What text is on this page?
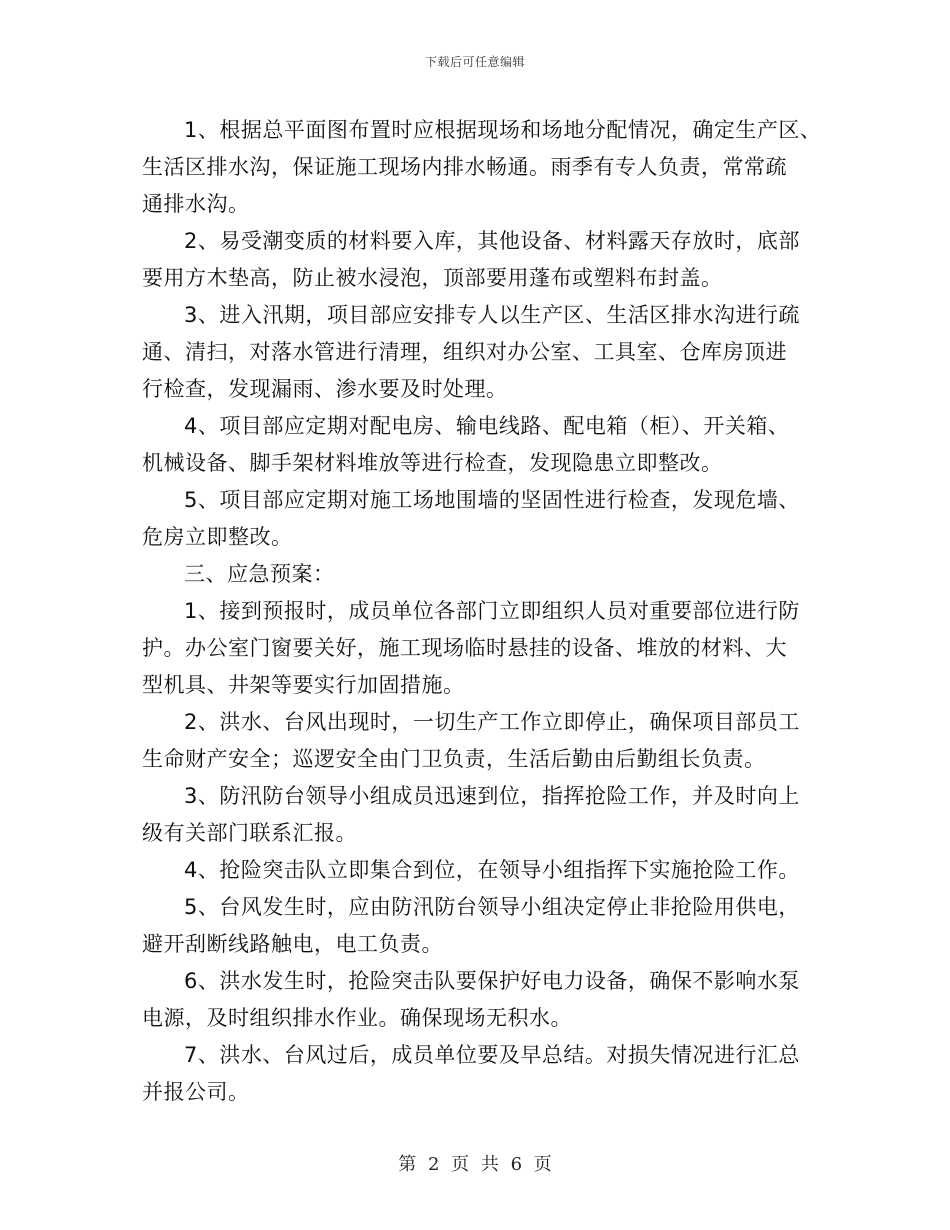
下载后可任意编辑
1、根据总平面图布置时应根据现场和场地分配情况，确定生产区、
生活区排水沟，保证施工现场内排水畅通。雨季有专人负责，常常疏
通排水沟。
2、易受潮变质的材料要入库，其他设备、材料露天存放时，底部
要用方木垫高，防止被水浸泡，顶部要用蓬布或塑料布封盖。
3、进入汛期，项目部应安排专人以生产区、生活区排水沟进行疏
通、清扫，对落水管进行清理，组织对办公室、工具室、仓库房顶进
行检查，发现漏雨、渗水要及时处理。
4、项目部应定期对配电房、输电线路、配电箱（柜）、开关箱、
机械设备、脚手架材料堆放等进行检查，发现隐患立即整改。
5、项目部应定期对施工场地围墙的坚固性进行检查，发现危墙、
危房立即整改。
三、应急预案：
1、接到预报时，成员单位各部门立即组织人员对重要部位进行防
护。办公室门窗要关好，施工现场临时悬挂的设备、堆放的材料、大
型机具、井架等要实行加固措施。
2、洪水、台风出现时，一切生产工作立即停止，确保项目部员工
生命财产安全；巡逻安全由门卫负责，生活后勤由后勤组长负责。
3、防汛防台领导小组成员迅速到位，指挥抢险工作，并及时向上
级有关部门联系汇报。
4、抢险突击队立即集合到位，在领导小组指挥下实施抢险工作。
5、台风发生时，应由防汛防台领导小组决定停止非抢险用供电，
避开刮断线路触电，电工负责。
6、洪水发生时，抢险突击队要保护好电力设备，确保不影响水泵
电源，及时组织排水作业。确保现场无积水。
7、洪水、台风过后，成员单位要及早总结。对损失情况进行汇总
并报公司。
第 2 页 共 6 页
